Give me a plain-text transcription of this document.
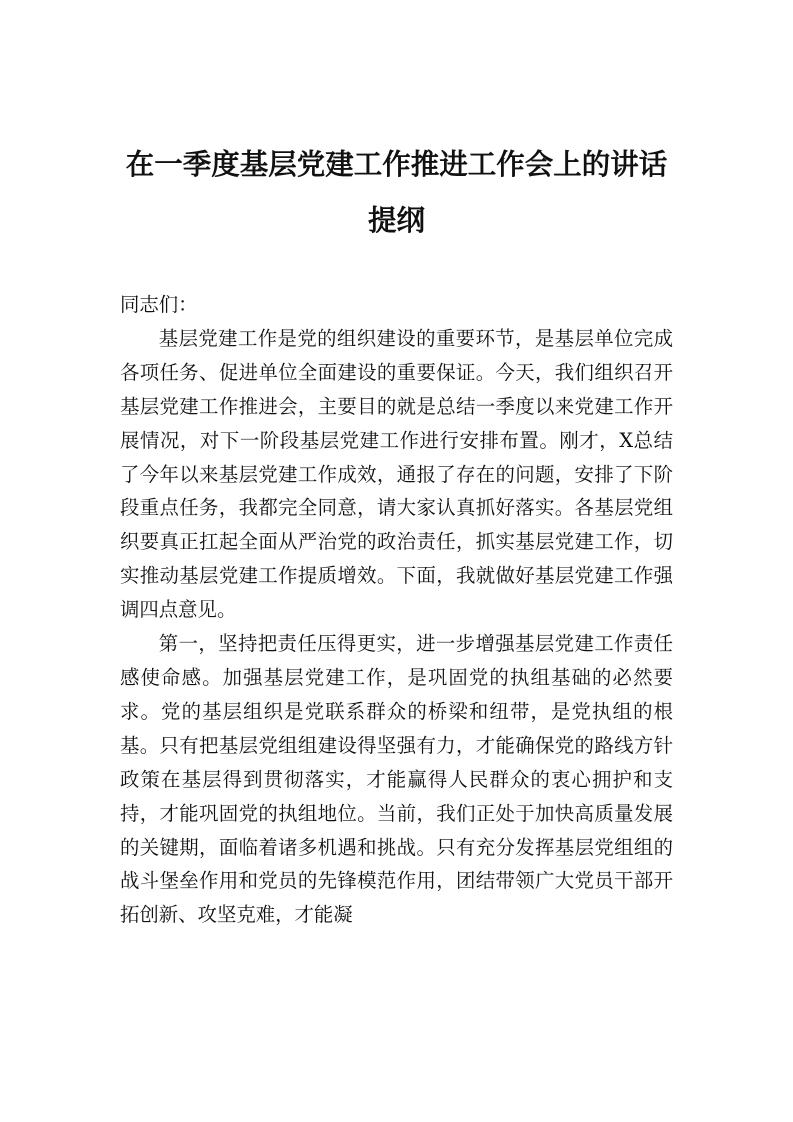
在一季度基层党建工作推进工作会上的讲话提纲

同志们：

基层党建工作是党的组织建设的重要环节，是基层单位完成各项任务、促进单位全面建设的重要保证。今天，我们组织召开基层党建工作推进会，主要目的就是总结一季度以来党建工作开展情况，对下一阶段基层党建工作进行安排布置。刚才，X总结了今年以来基层党建工作成效，通报了存在的问题，安排了下阶段重点任务，我都完全同意，请大家认真抓好落实。各基层党组织要真正扛起全面从严治党的政治责任，抓实基层党建工作，切实推动基层党建工作提质增效。下面，我就做好基层党建工作强调四点意见。

第一，坚持把责任压得更实，进一步增强基层党建工作责任感使命感。加强基层党建工作，是巩固党的执组基础的必然要求。党的基层组织是党联系群众的桥梁和纽带，是党执组的根基。只有把基层党组组建设得坚强有力，才能确保党的路线方针政策在基层得到贯彻落实，才能赢得人民群众的衷心拥护和支持，才能巩固党的执组地位。当前，我们正处于加快高质量发展的关键期，面临着诸多机遇和挑战。只有充分发挥基层党组组的战斗堡垒作用和党员的先锋模范作用，团结带领广大党员干部开拓创新、攻坚克难，才能凝
